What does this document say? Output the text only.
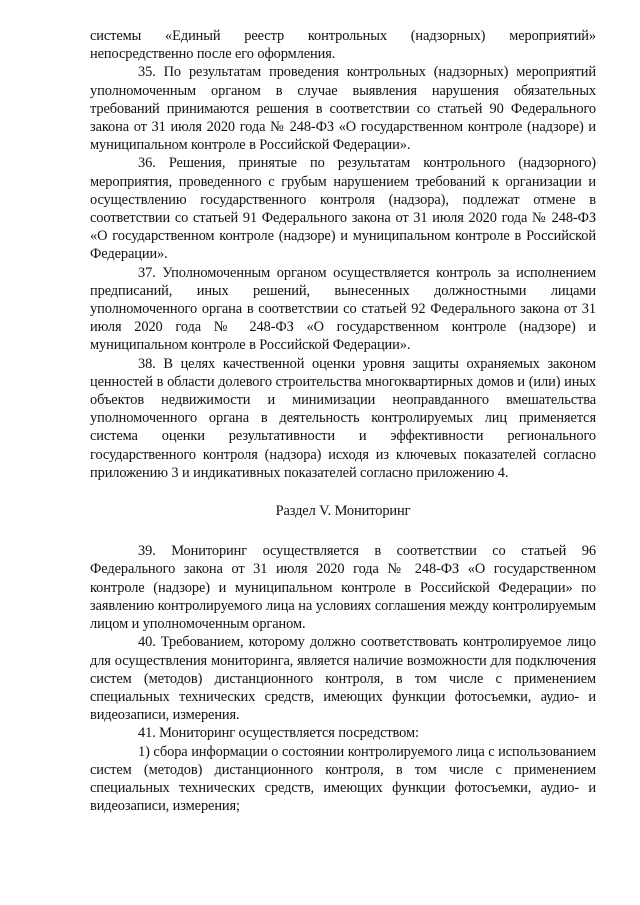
системы «Единый реестр контрольных (надзорных) мероприятий» непосредственно после его оформления.

35. По результатам проведения контрольных (надзорных) мероприятий уполномоченным органом в случае выявления нарушения обязательных требований принимаются решения в соответствии со статьей 90 Федерального закона от 31 июля 2020 года № 248-ФЗ «О государственном контроле (надзоре) и муниципальном контроле в Российской Федерации».

36. Решения, принятые по результатам контрольного (надзорного) мероприятия, проведенного с грубым нарушением требований к организации и осуществлению государственного контроля (надзора), подлежат отмене в соответствии со статьей 91 Федерального закона от 31 июля 2020 года № 248-ФЗ «О государственном контроле (надзоре) и муниципальном контроле в Российской Федерации».

37. Уполномоченным органом осуществляется контроль за исполнением предписаний, иных решений, вынесенных должностными лицами уполномоченного органа в соответствии со статьей 92 Федерального закона от 31 июля 2020 года № 248-ФЗ «О государственном контроле (надзоре) и муниципальном контроле в Российской Федерации».

38. В целях качественной оценки уровня защиты охраняемых законом ценностей в области долевого строительства многоквартирных домов и (или) иных объектов недвижимости и минимизации неоправданного вмешательства уполномоченного органа в деятельность контролируемых лиц применяется система оценки результативности и эффективности регионального государственного контроля (надзора) исходя из ключевых показателей согласно приложению 3 и индикативных показателей согласно приложению 4.

Раздел V. Мониторинг

39. Мониторинг осуществляется в соответствии со статьей 96 Федерального закона от 31 июля 2020 года № 248-ФЗ «О государственном контроле (надзоре) и муниципальном контроле в Российской Федерации» по заявлению контролируемого лица на условиях соглашения между контролируемым лицом и уполномоченным органом.

40. Требованием, которому должно соответствовать контролируемое лицо для осуществления мониторинга, является наличие возможности для подключения систем (методов) дистанционного контроля, в том числе с применением специальных технических средств, имеющих функции фотосъемки, аудио- и видеозаписи, измерения.

41. Мониторинг осуществляется посредством:

1) сбора информации о состоянии контролируемого лица с использованием систем (методов) дистанционного контроля, в том числе с применением специальных технических средств, имеющих функции фотосъемки, аудио- и видеозаписи, измерения;
